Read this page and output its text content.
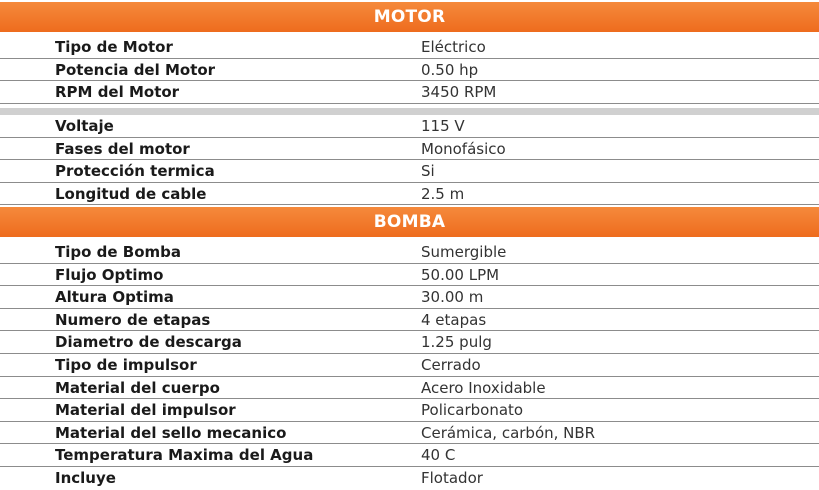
MOTOR
Tipo de Motor	Eléctrico
Potencia del Motor	0.50 hp
RPM del Motor	3450 RPM
Voltaje	115 V
Fases del motor	Monofásico
Protección termica	Si
Longitud de cable	2.5 m
BOMBA
Tipo de Bomba	Sumergible
Flujo Optimo	50.00 LPM
Altura Optima	30.00 m
Numero de etapas	4 etapas
Diametro de descarga	1.25 pulg
Tipo de impulsor	Cerrado
Material del cuerpo	Acero Inoxidable
Material del impulsor	Policarbonato
Material del sello mecanico	Cerámica, carbón, NBR
Temperatura Maxima del Agua	40 C
Incluye	Flotador
